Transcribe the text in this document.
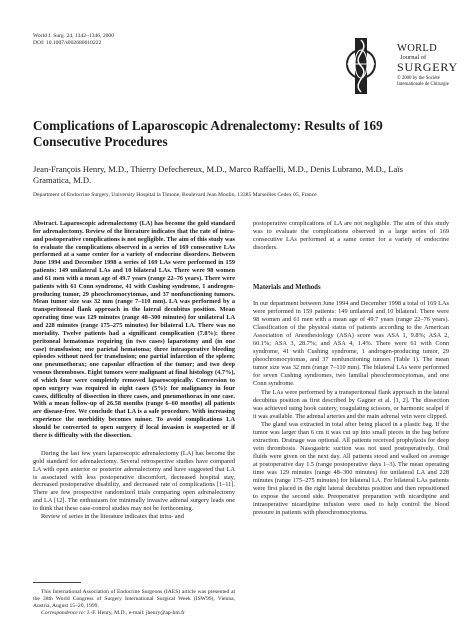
World J. Surg. 24, 1342–1346, 2000
DOI: 10.1007/s002680010222
WORLD
Journal of
SURGERY
© 2000 by the Société
Internationale de Chirurgie
Complications of Laparoscopic Adrenalectomy: Results of 169 Consecutive Procedures
Jean-François Henry, M.D., Thierry Defechereux, M.D., Marco Raffaelli, M.D., Denis Lubrano, M.D., Laïs Gramatica, M.D.
Department of Endocrine Surgery, University Hospital la Timone, Boulevard Jean Moulin, 13385 Marseilles Cedex 05, France

Abstract. Laparoscopic adrenalectomy (LA) has become the gold standard for adrenalectomy. Review of the literature indicates that the rate of intra- and postoperative complications is not negligible. The aim of this study was to evaluate the complications observed in a series of 169 consecutive LAs performed at a same center for a variety of endocrine disorders. Between June 1994 and December 1998 a series of 169 LAs were performed in 159 patients: 149 unilateral LAs and 10 bilateral LAs. There were 98 women and 61 men with a mean age of 49.7 years (range 22–76 years). There were patients with 61 Conn syndrome, 41 with Cushing syndrome, 1 androgen-producing tumor, 29 pheochromocytomas, and 37 nonfunctioning tumors. Mean tumor size was 32 mm (range 7–110 mm). LA was performed by a transperitoneal flank approach in the lateral decubitus position. Mean operating time was 129 minutes (range 48–300 minutes) for unilateral LA and 228 minutes (range 175–275 minutes) for bilateral LA. There was no mortality. Twelve patients had a significant complication (7.8%): three peritoneal hematomas requiring (in two cases) laparotomy and (in one case) transfusion; one parietal hematoma; three intraoperative bleeding episodes without need for transfusion; one partial infarction of the spleen; one pneumothorax; one capsular effraction of the tumor; and two deep venous thromboses. Eight tumors were malignant at final histology (4.7%), of which four were completely removed laparoscopically. Conversion to open surgery was required in eight cases (5%): for malignancy in four cases, difficulty of dissection in three cases, and pneumothorax in one case. With a mean follow-up of 26.58 months (range 6–60 months) all patients are disease-free. We conclude that LA is a safe procedure. With increasing experience the morbidity becomes minor. To avoid complications LA should be converted to open surgery if local invasion is suspected or if there is difficulty with the dissection.

During the last few years laparoscopic adrenalectomy (LA) has become the gold standard for adrenalectomy. Several retrospective studies have compared LA with open anterior or posterior adrenalectomy and have suggested that LA is associated with less postoperative discomfort, decreased hospital stay, decreased postoperative disability, and decreased rate of complications [1–11]. There are few prospective randomized trials comparing open adrenalectomy and LA [12]. The enthusiasm for minimally invasive adrenal surgery leads one to think that these case-control studies may not be forthcoming.

Review of series in the literature indicates that intra- and

This International Association of Endocrine Surgeons (IAES) article was presented at the 38th World Congress of Surgery International Surgical Week (ISW99), Vienna, Austria, August 15–20, 1999.

Correspondence to: J.-F. Henry, M.D., e-mail: jhenry@ap-hm.fr

postoperative complications of LA are not negligible. The aim of this study was to evaluate the complications observed in a large series of 169 consecutive LAs performed at a same center for a variety of endocrine disorders.

Materials and Methods

In our department between June 1994 and December 1998 a total of 169 LAs were performed in 159 patients: 149 unilateral and 10 bilateral. There were 98 women and 61 men with a mean age of 49.7 years (range 22–76 years). Classification of the physical status of patients according to the American Association of Anesthesiology (ASA) score was ASA 1, 9.8%; ASA 2, 60.1%; ASA 3, 28.7%; and ASA 4, 1.4%. There were 61 with Conn syndrome, 41 with Cushing syndrome, 1 androgen-producing tumor, 29 pheochromocytomas, and 37 nonfunctioning tumors (Table 1). The mean tumor size was 32 mm (range 7–110 mm). The bilateral LAs were performed for seven Cushing syndromes, two familial pheochromocytomas, and one Conn syndrome.

The LAs were performed by a transperitoneal flank approach in the lateral decubitus position as first described by Gagner et al. [1, 2]. The dissection was achieved using hook cautery, coagulating scissors, or harmonic scalpel if it was available. The adrenal arteries and the main adrenal vein were clipped.

The gland was extracted in total after being placed in a plastic bag. If the tumor was larger than 6 cm it was cut up into small pieces in the bag before extraction. Drainage was optional. All patients received prophylaxis for deep vein thrombosis. Nasogastric suction was not used postoperatively. Oral fluids were given on the next day. All patients stood and walked on average at postoperative day 1.5 (range postoperative days 1–3). The mean operating time was 129 minutes (range 48–300 minutes) for unilateral LA and 228 minutes (range 175–275 minutes) for bilateral LA. For bilateral LAs patients were first placed in the right lateral decubitus position and then repositioned to expose the second side. Preoperative preparation with nicardipine and intraoperative nicardipine infusion were used to help control the blood pressure in patients with pheochromocytoma.
